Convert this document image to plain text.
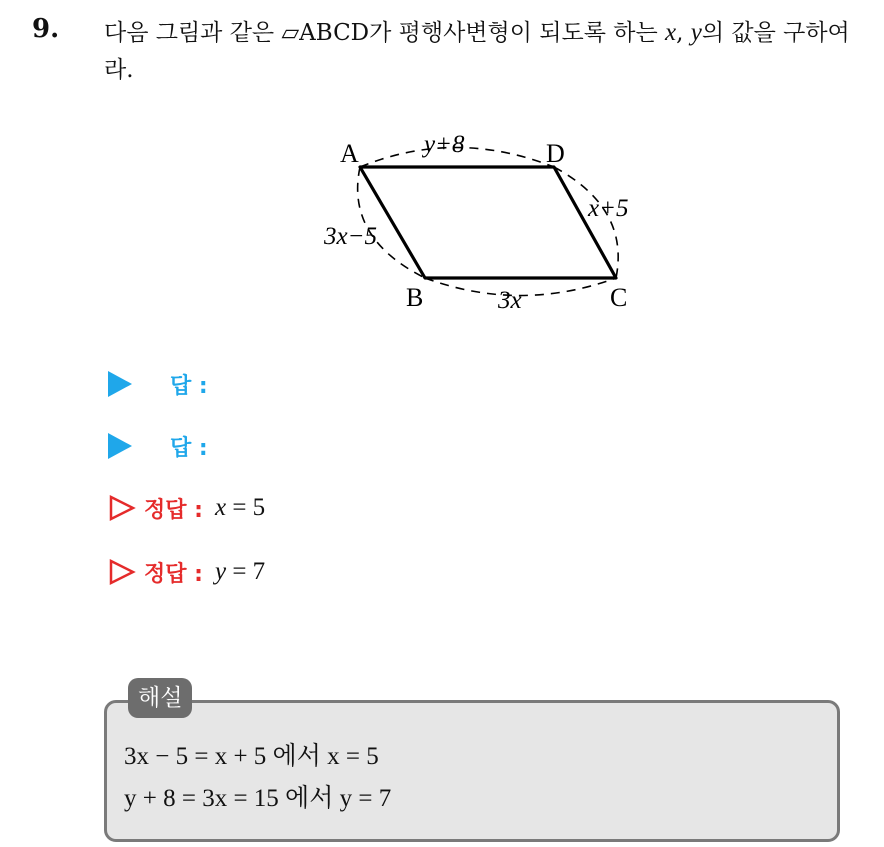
9. 다음 그림과 같은 ▱ABCD가 평행사변형이 되도록 하는 x, y의 값을 구하여라.
A	D
B	C
y+8
3x−5
3x
x+5
답 :
답 :
정답 : x = 5
정답 : y = 7
해설
3x − 5 = x + 5 에서 x = 5
y + 8 = 3x = 15 에서 y = 7
